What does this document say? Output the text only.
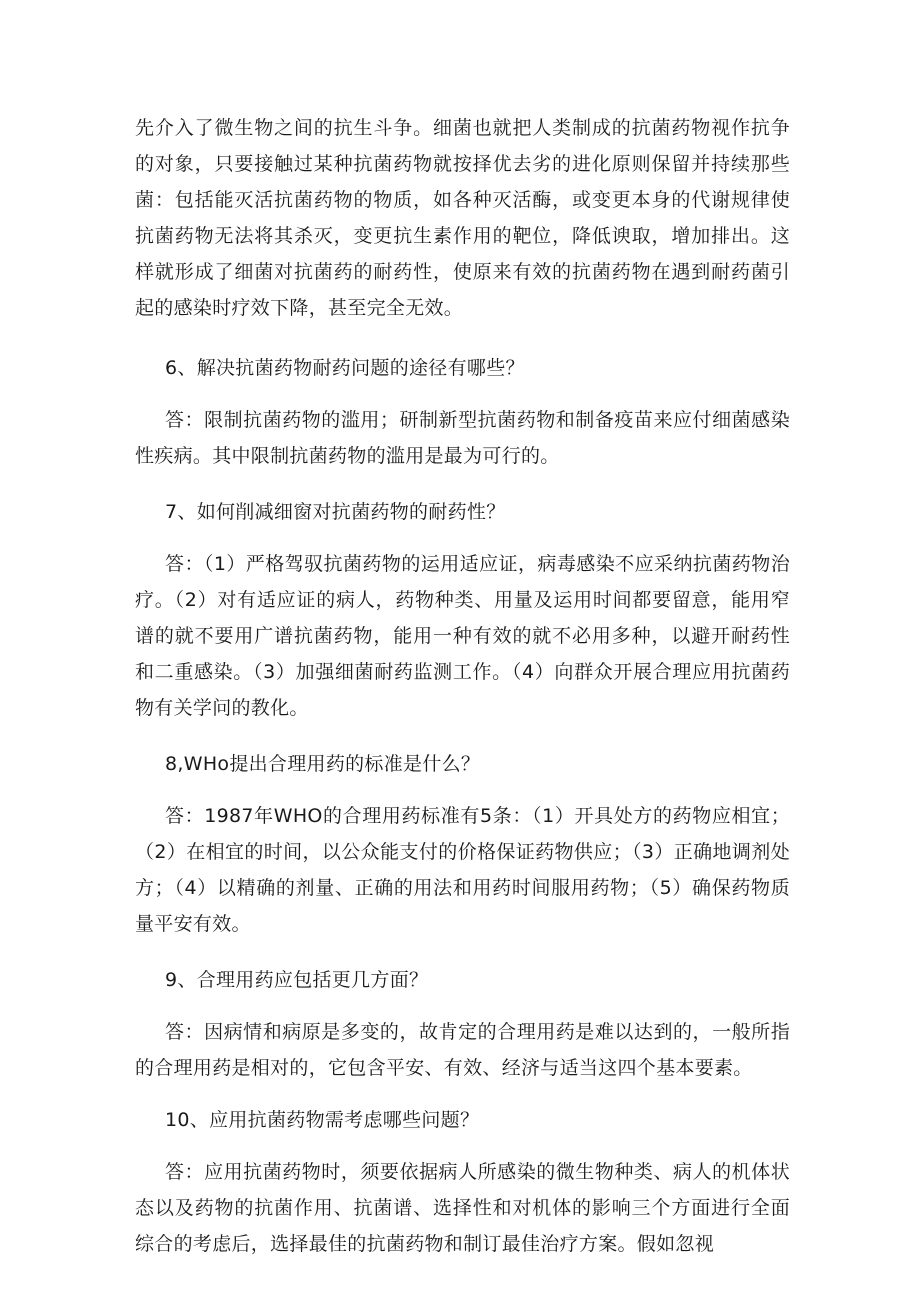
先介入了微生物之间的抗生斗争。细菌也就把人类制成的抗菌药物视作抗争的对象，只要接触过某种抗菌药物就按择优去劣的进化原则保留并持续那些菌：包括能灭活抗菌药物的物质，如各种灭活酶，或变更本身的代谢规律使抗菌药物无法将其杀灭，变更抗生素作用的靶位，降低谀取，增加排出。这样就形成了细菌对抗菌药的耐药性，使原来有效的抗菌药物在遇到耐药菌引起的感染时疗效下降，甚至完全无效。

6、解决抗菌药物耐药问题的途径有哪些？

答：限制抗菌药物的滥用；研制新型抗菌药物和制备疫苗来应付细菌感染性疾病。其中限制抗菌药物的滥用是最为可行的。

7、如何削减细窗对抗菌药物的耐药性？

答：（1）严格驾驭抗菌药物的运用适应证，病毒感染不应采纳抗菌药物治疗。（2）对有适应证的病人，药物种类、用量及运用时间都要留意，能用窄谱的就不要用广谱抗菌药物，能用一种有效的就不必用多种，以避开耐药性和二重感染。（3）加强细菌耐药监测工作。（4）向群众开展合理应用抗菌药物有关学问的教化。

8,WHo提出合理用药的标准是什么？

答：1987年WHO的合理用药标准有5条：（1）开具处方的药物应相宜；（2）在相宜的时间，以公众能支付的价格保证药物供应；（3）正确地调剂处方；（4）以精确的剂量、正确的用法和用药时间服用药物；（5）确保药物质量平安有效。

9、合理用药应包括更几方面？

答：因病情和病原是多变的，故肯定的合理用药是难以达到的，一般所指的合理用药是相对的，它包含平安、有效、经济与适当这四个基本要素。

10、应用抗菌药物需考虑哪些问题？

答：应用抗菌药物时，须要依据病人所感染的微生物种类、病人的机体状态以及药物的抗菌作用、抗菌谱、选择性和对机体的影响三个方面进行全面综合的考虑后，选择最佳的抗菌药物和制订最佳治疗方案。假如忽视
